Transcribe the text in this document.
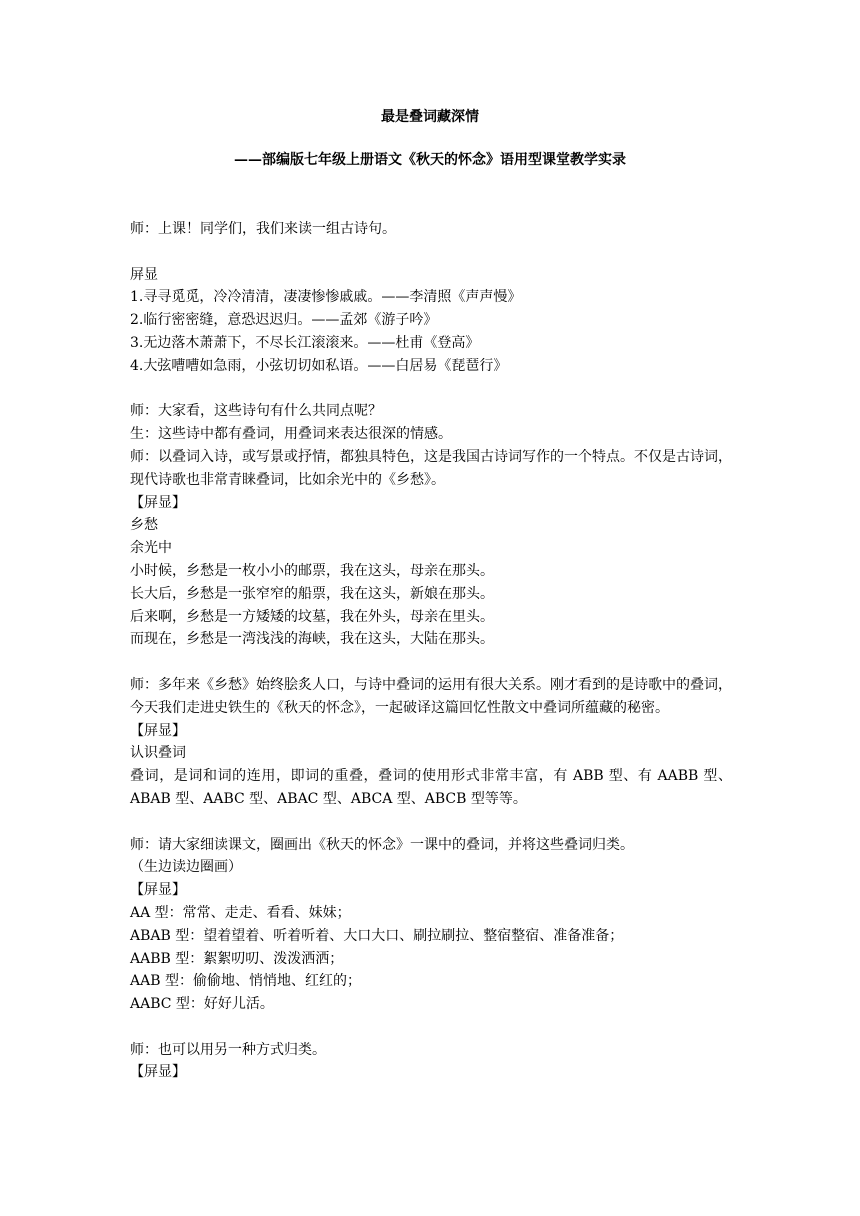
最是叠词藏深情
——部编版七年级上册语文《秋天的怀念》语用型课堂教学实录

师：上课！同学们，我们来读一组古诗句。

屏显

1.寻寻觅觅，冷冷清清，凄凄惨惨戚戚。——李清照《声声慢》

2.临行密密缝，意恐迟迟归。——孟郊《游子吟》

3.无边落木萧萧下，不尽长江滚滚来。——杜甫《登高》

4.大弦嘈嘈如急雨，小弦切切如私语。——白居易《琵琶行》

师：大家看，这些诗句有什么共同点呢？

生：这些诗中都有叠词，用叠词来表达很深的情感。

师：以叠词入诗，或写景或抒情，都独具特色，这是我国古诗词写作的一个特点。不仅是古诗词，现代诗歌也非常青睐叠词，比如余光中的《乡愁》。

【屏显】

乡愁

余光中

小时候，乡愁是一枚小小的邮票，我在这头，母亲在那头。

长大后，乡愁是一张窄窄的船票，我在这头，新娘在那头。

后来啊，乡愁是一方矮矮的坟墓，我在外头，母亲在里头。

而现在，乡愁是一湾浅浅的海峡，我在这头，大陆在那头。

师：多年来《乡愁》始终脍炙人口，与诗中叠词的运用有很大关系。刚才看到的是诗歌中的叠词，今天我们走进史铁生的《秋天的怀念》，一起破译这篇回忆性散文中叠词所蕴藏的秘密。

【屏显】

认识叠词

叠词，是词和词的连用，即词的重叠，叠词的使用形式非常丰富，有 ABB 型、有 AABB 型、ABAB 型、AABC 型、ABAC 型、ABCA 型、ABCB 型等等。

师：请大家细读课文，圈画出《秋天的怀念》一课中的叠词，并将这些叠词归类。

（生边读边圈画）

【屏显】

AA 型：常常、走走、看看、妹妹；

ABAB 型：望着望着、听着听着、大口大口、刷拉刷拉、整宿整宿、准备准备；

AABB 型：絮絮叨叨、泼泼洒洒；

AAB 型：偷偷地、悄悄地、红红的；

AABC 型：好好儿活。

师：也可以用另一种方式归类。

【屏显】
